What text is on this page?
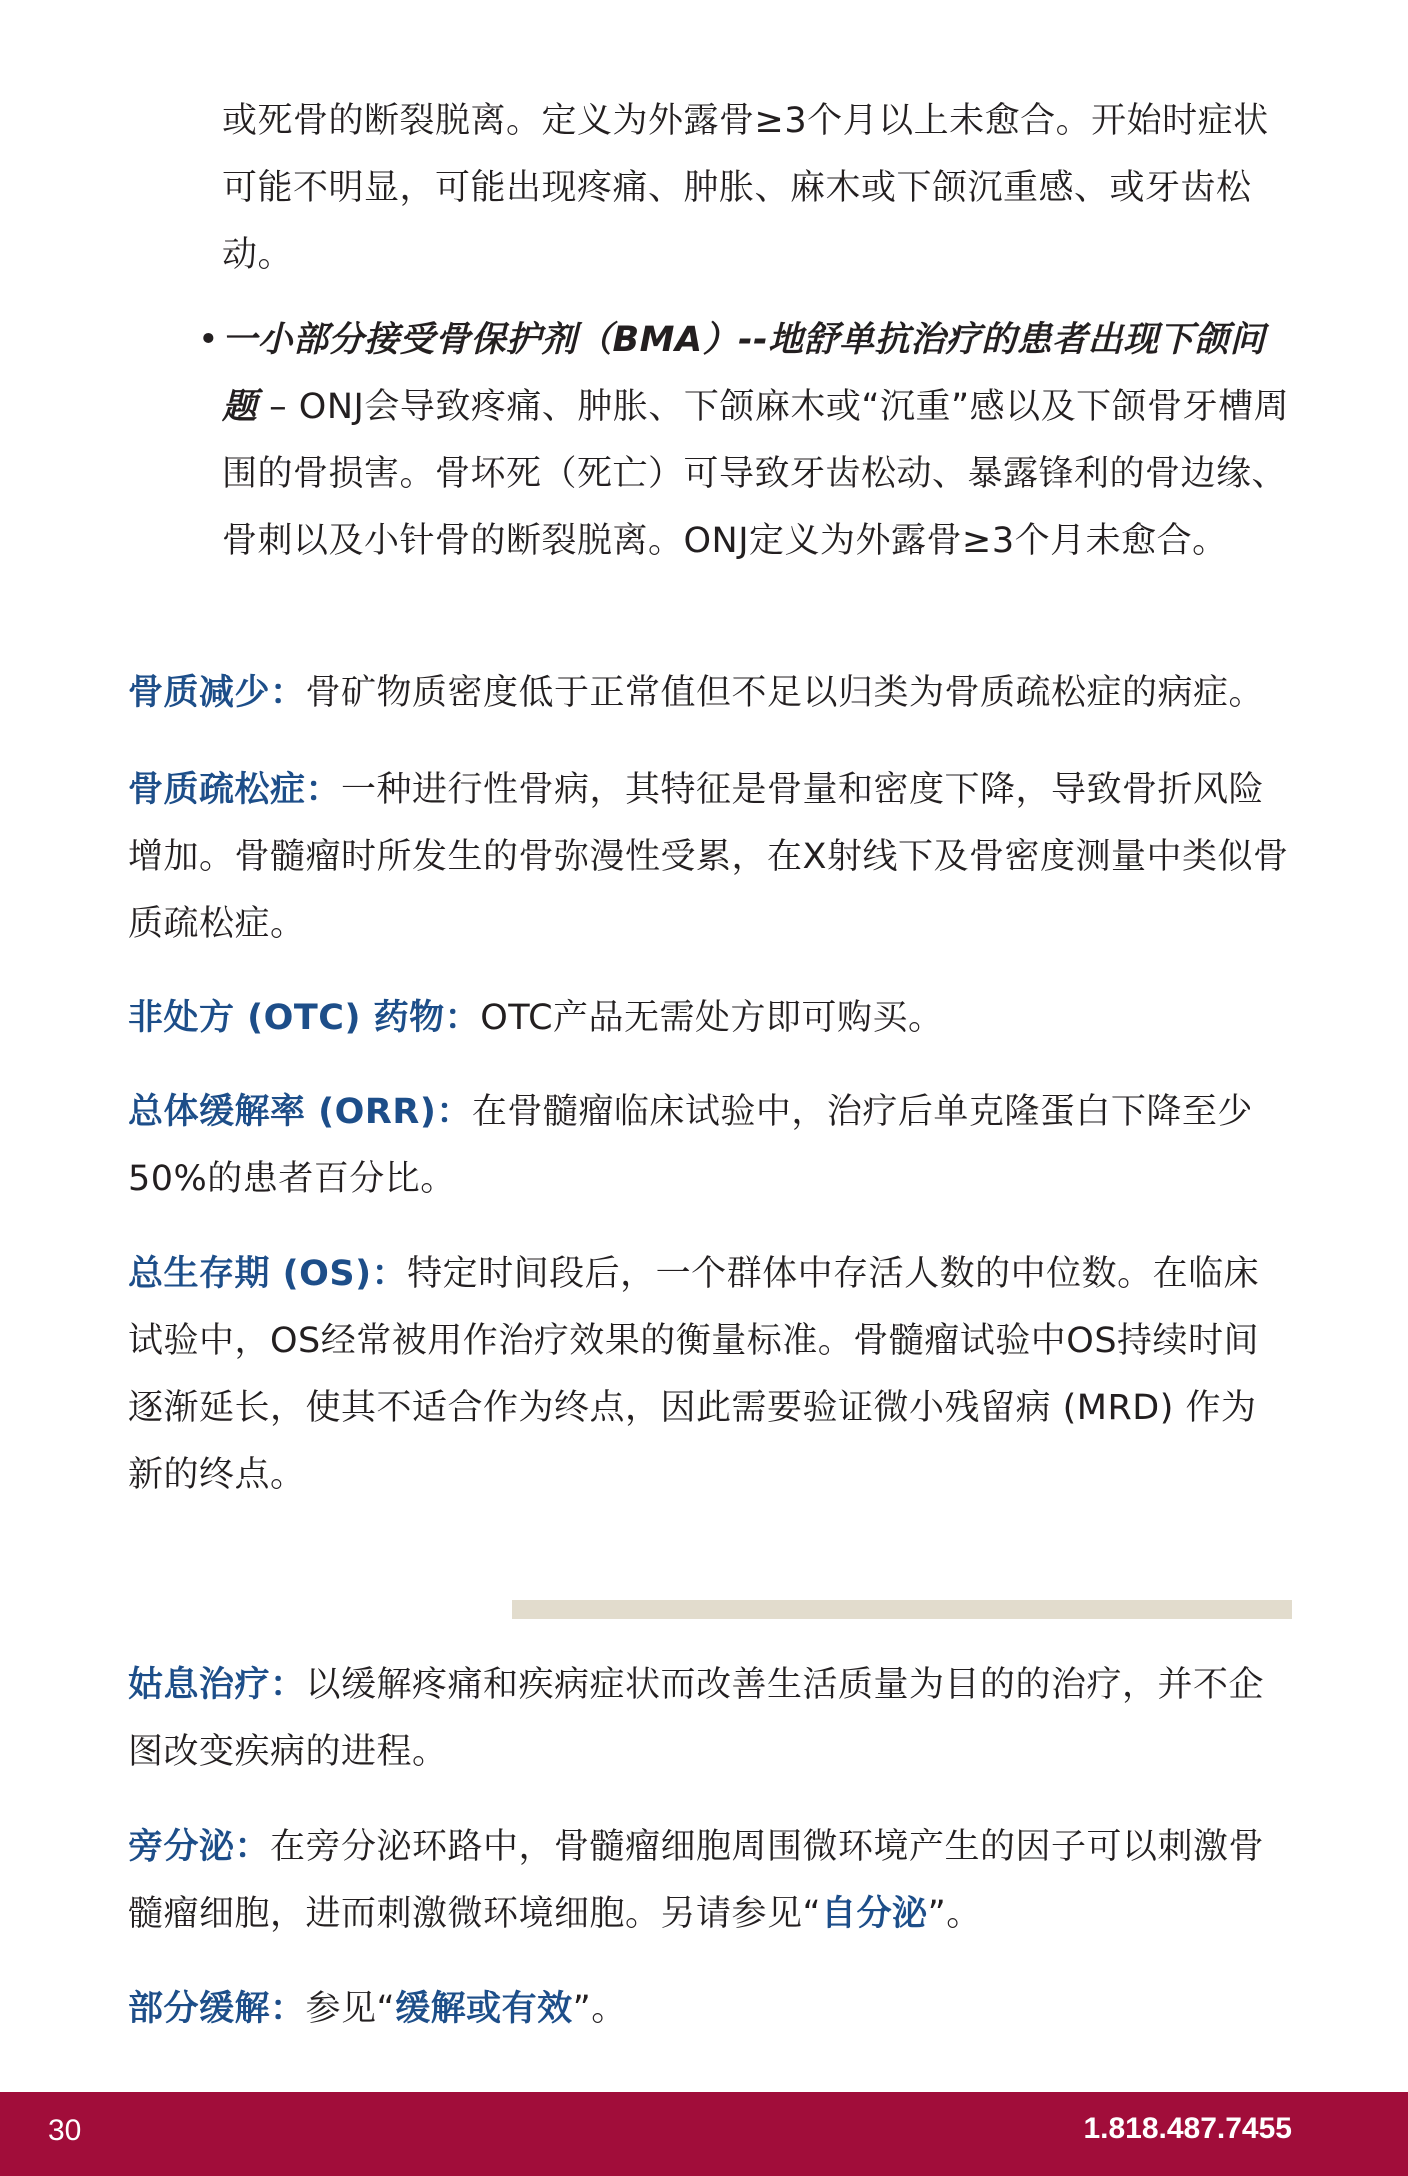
或死骨的断裂脱离。定义为外露骨≥3个月以上未愈合。开始时症状可能不明显，可能出现疼痛、肿胀、麻木或下颌沉重感、或牙齿松动。

• 一小部分接受骨保护剂（BMA）--地舒单抗治疗的患者出现下颌问题 – ONJ会导致疼痛、肿胀、下颌麻木或“沉重”感以及下颌骨牙槽周围的骨损害。骨坏死（死亡）可导致牙齿松动、暴露锋利的骨边缘、骨刺以及小针骨的断裂脱离。ONJ定义为外露骨≥3个月未愈合。

骨质减少：骨矿物质密度低于正常值但不足以归类为骨质疏松症的病症。

骨质疏松症：一种进行性骨病，其特征是骨量和密度下降，导致骨折风险增加。骨髓瘤时所发生的骨弥漫性受累，在X射线下及骨密度测量中类似骨质疏松症。

非处方 (OTC) 药物：OTC产品无需处方即可购买。

总体缓解率 (ORR)：在骨髓瘤临床试验中，治疗后单克隆蛋白下降至少50%的患者百分比。

总生存期 (OS)：特定时间段后，一个群体中存活人数的中位数。在临床试验中，OS经常被用作治疗效果的衡量标准。骨髓瘤试验中OS持续时间逐渐延长，使其不适合作为终点，因此需要验证微小残留病 (MRD) 作为新的终点。

姑息治疗：以缓解疼痛和疾病症状而改善生活质量为目的的治疗，并不企图改变疾病的进程。

旁分泌：在旁分泌环路中，骨髓瘤细胞周围微环境产生的因子可以刺激骨髓瘤细胞，进而刺激微环境细胞。另请参见“自分泌”。

部分缓解：参见“缓解或有效”。

30	1.818.487.7455
